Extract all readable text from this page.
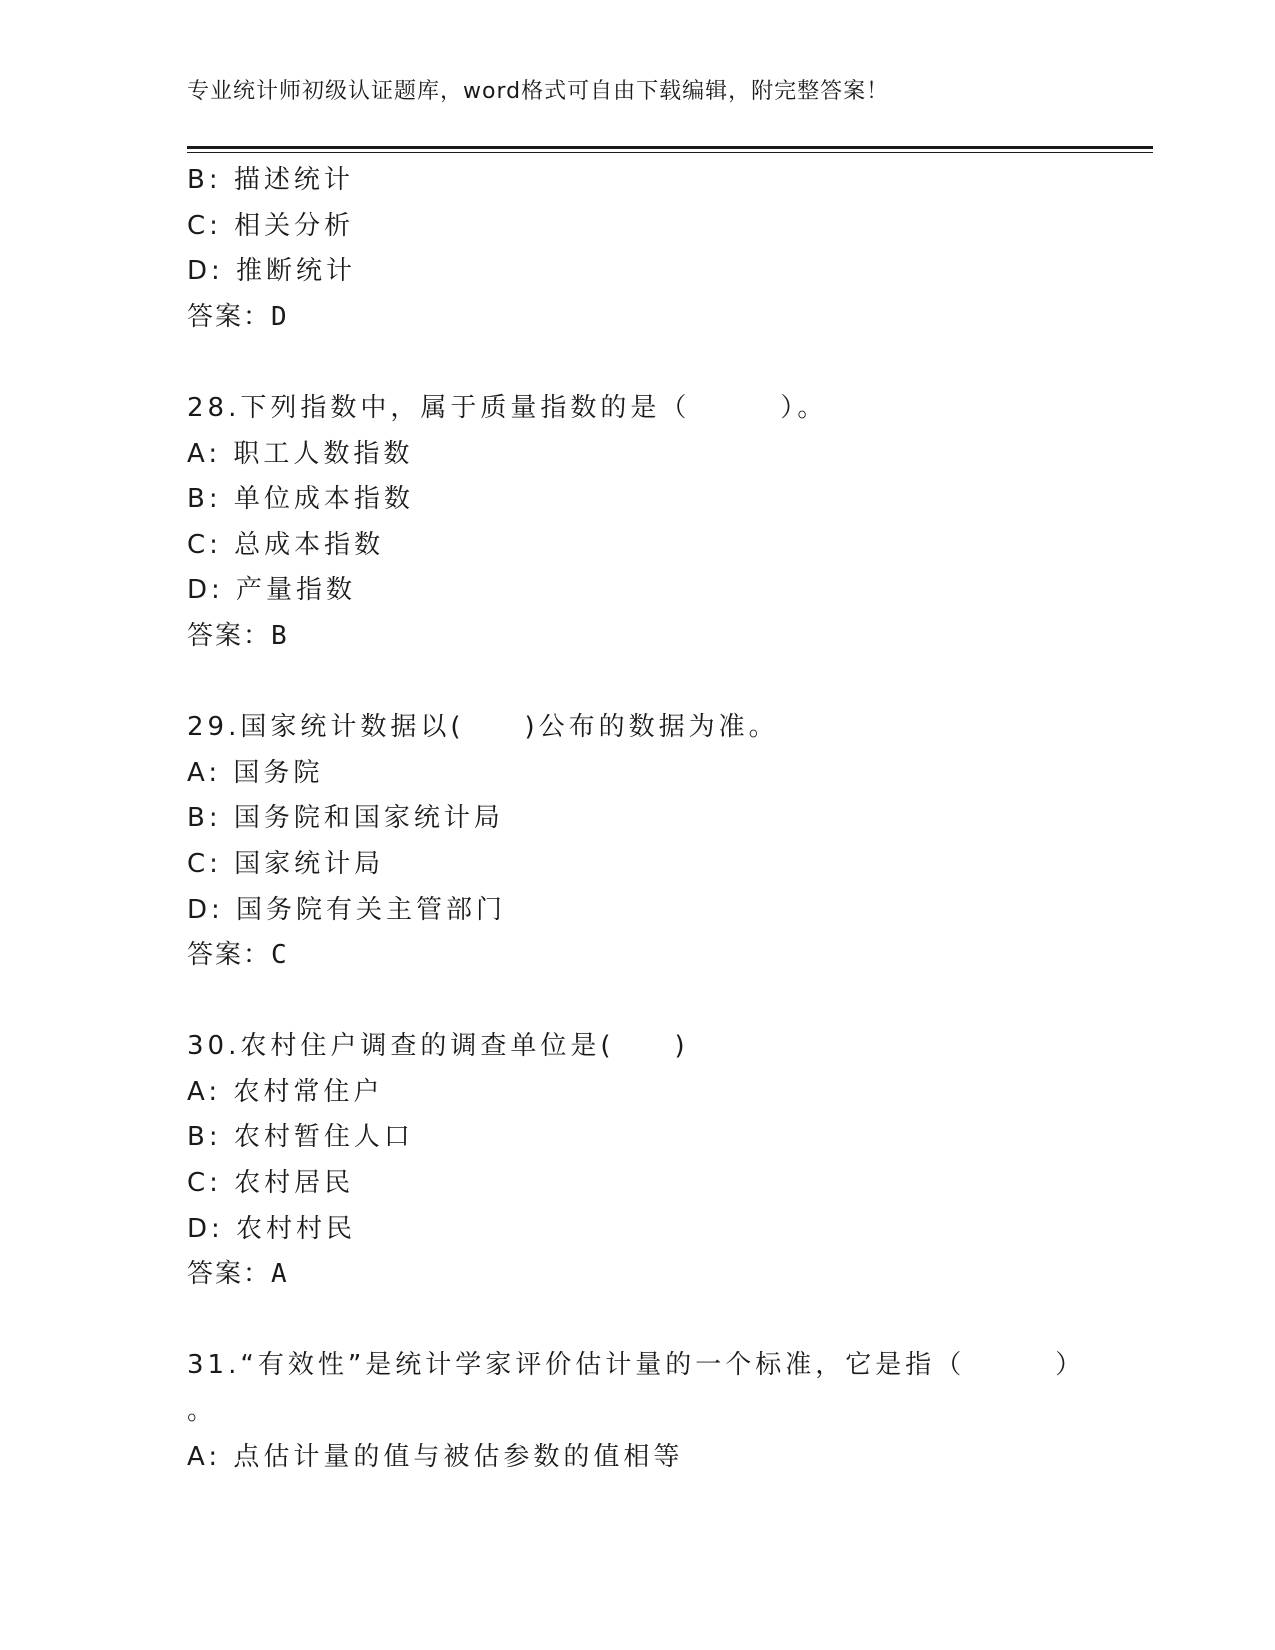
专业统计师初级认证题库，word格式可自由下载编辑，附完整答案！
B: 描述统计
C: 相关分析
D: 推断统计
答案：D
28.下列指数中，属于质量指数的是（　　　）。
A: 职工人数指数
B: 单位成本指数
C: 总成本指数
D: 产量指数
答案：B
29.国家统计数据以(　　)公布的数据为准。
A: 国务院
B: 国务院和国家统计局
C: 国家统计局
D: 国务院有关主管部门
答案：C
30.农村住户调查的调查单位是(　　)
A: 农村常住户
B: 农村暂住人口
C: 农村居民
D: 农村村民
答案：A
31.“有效性”是统计学家评价估计量的一个标准，它是指（　　　）
。
A: 点估计量的值与被估参数的值相等
